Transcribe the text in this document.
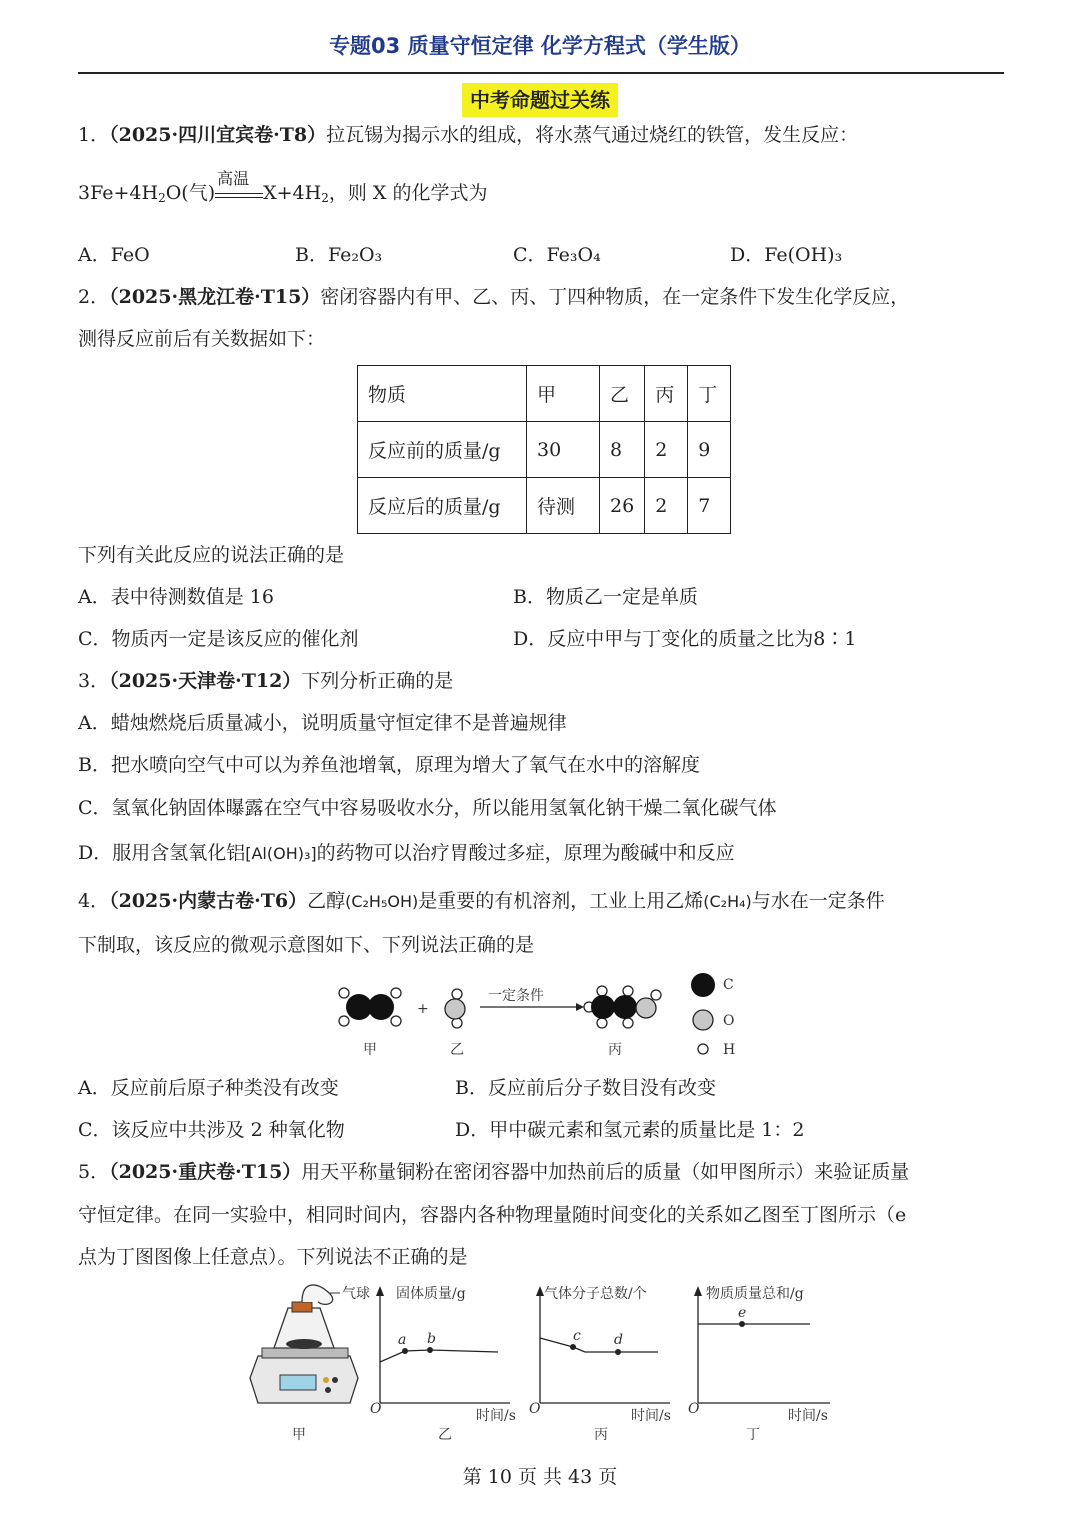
专题03 质量守恒定律 化学方程式（学生版）
中考命题过关练
1．（2025·四川宜宾卷·T8）拉瓦锡为揭示水的组成，将水蒸气通过烧红的铁管，发生反应：
$3Fe+4H_2O$(气)
高温
$X+4H_2$，则 X 的化学式为
A．FeO	B．Fe₂O₃	C．Fe₃O₄	D．Fe(OH)₃
2．（2025·黑龙江卷·T15）密闭容器内有甲、乙、丙、丁四种物质，在一定条件下发生化学反应，
测得反应前后有关数据如下：
物质	甲	乙	丙	丁
反应前的质量/g	30	8	2	9
反应后的质量/g	待测	26	2	7
下列有关此反应的说法正确的是
A．表中待测数值是 16	B．物质乙一定是单质
C．物质丙一定是该反应的催化剂	D．反应中甲与丁变化的质量之比为8∶1
3．（2025·天津卷·T12）下列分析正确的是
A．蜡烛燃烧后质量减小，说明质量守恒定律不是普遍规律
B．把水喷向空气中可以为养鱼池增氧，原理为增大了氧气在水中的溶解度
C．氢氧化钠固体曝露在空气中容易吸收水分，所以能用氢氧化钠干燥二氧化碳气体
D．服用含氢氧化铝[Al(OH)₃]的药物可以治疗胃酸过多症，原理为酸碱中和反应
4．（2025·内蒙古卷·T6）乙醇(C₂H₅OH)是重要的有机溶剂，工业上用乙烯(C₂H₄)与水在一定条件
下制取，该反应的微观示意图如下、下列说法正确的是
+
一定条件
C
O
H
甲	乙	丙
A．反应前后原子种类没有改变	B．反应前后分子数目没有改变
C．该反应中共涉及 2 种氧化物	D．甲中碳元素和氢元素的质量比是 1：2
5．（2025·重庆卷·T15）用天平称量铜粉在密闭容器中加热前后的质量（如甲图所示）来验证质量
守恒定律。在同一实验中，相同时间内，容器内各种物理量随时间变化的关系如乙图至丁图所示（e
点为丁图图像上任意点）。下列说法不正确的是
气球
甲
固体质量/g
a b
O	时间/s
乙
气体分子总数/个
c d
O	时间/s
丙
物质质量总和/g
e
O	时间/s
丁
第 10 页 共 43 页
